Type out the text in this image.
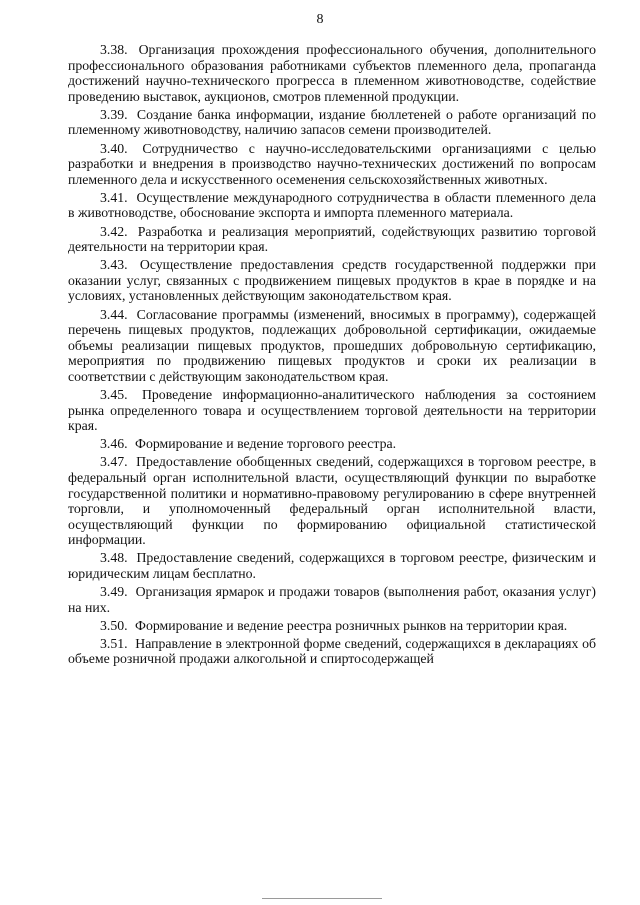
8

3.38. Организация прохождения профессионального обучения, дополнительного профессионального образования работниками субъектов племенного дела, пропаганда достижений научно-технического прогресса в племенном животноводстве, содействие проведению выставок, аукционов, смотров племенной продукции.

3.39. Создание банка информации, издание бюллетеней о работе организаций по племенному животноводству, наличию запасов семени производителей.

3.40. Сотрудничество с научно-исследовательскими организациями с целью разработки и внедрения в производство научно-технических достижений по вопросам племенного дела и искусственного осеменения сельскохозяйственных животных.

3.41. Осуществление международного сотрудничества в области племенного дела в животноводстве, обоснование экспорта и импорта племенного материала.

3.42. Разработка и реализация мероприятий, содействующих развитию торговой деятельности на территории края.

3.43. Осуществление предоставления средств государственной поддержки при оказании услуг, связанных с продвижением пищевых продуктов в крае в порядке и на условиях, установленных действующим законодательством края.

3.44. Согласование программы (изменений, вносимых в программу), содержащей перечень пищевых продуктов, подлежащих добровольной сертификации, ожидаемые объемы реализации пищевых продуктов, прошедших добровольную сертификацию, мероприятия по продвижению пищевых продуктов и сроки их реализации в соответствии с действующим законодательством края.

3.45. Проведение информационно-аналитического наблюдения за состоянием рынка определенного товара и осуществлением торговой деятельности на территории края.

3.46. Формирование и ведение торгового реестра.

3.47. Предоставление обобщенных сведений, содержащихся в торговом реестре, в федеральный орган исполнительной власти, осуществляющий функции по выработке государственной политики и нормативно-правовому регулированию в сфере внутренней торговли, и уполномоченный федеральный орган исполнительной власти, осуществляющий функции по формированию официальной статистической информации.

3.48. Предоставление сведений, содержащихся в торговом реестре, физическим и юридическим лицам бесплатно.

3.49. Организация ярмарок и продажи товаров (выполнения работ, оказания услуг) на них.

3.50. Формирование и ведение реестра розничных рынков на территории края.

3.51. Направление в электронной форме сведений, содержащихся в декларациях об объеме розничной продажи алкогольной и спиртосодержащей
